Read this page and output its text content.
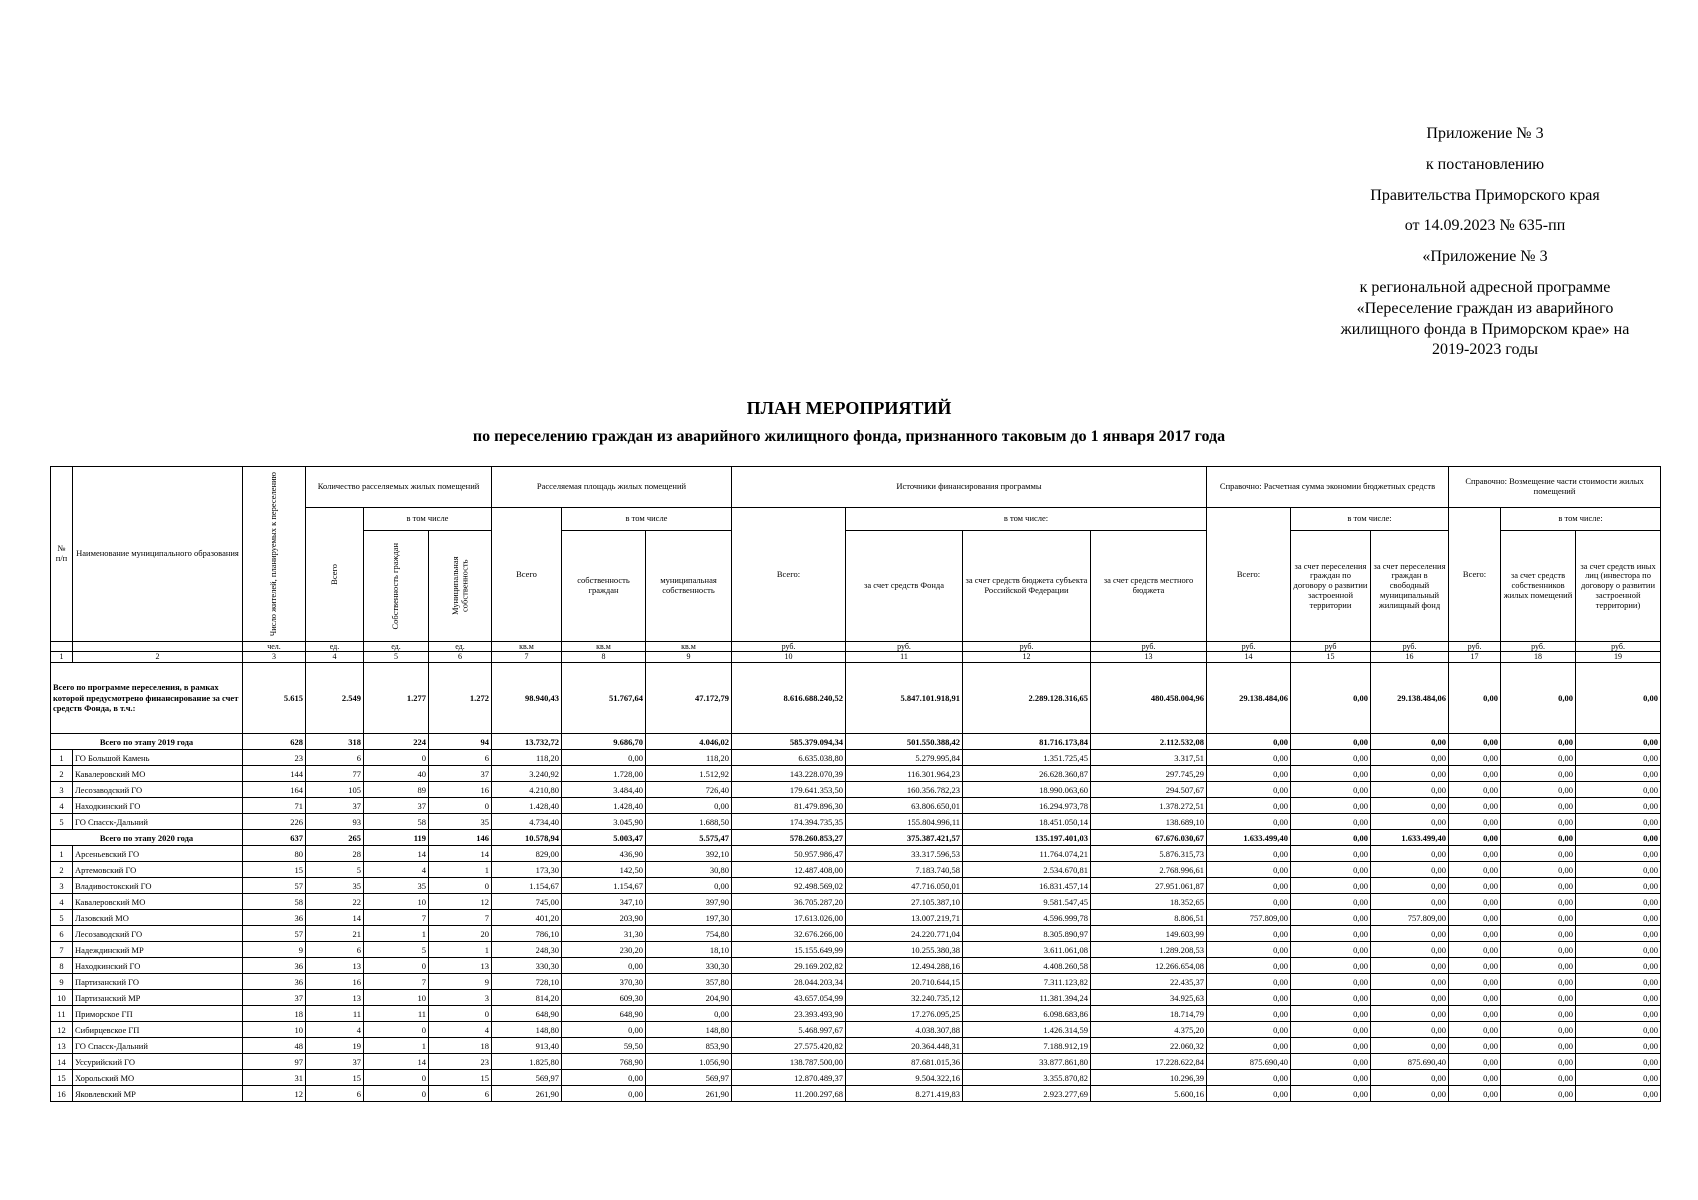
Приложение № 3
к постановлению
Правительства Приморского края
от 14.09.2023 № 635-пп
«Приложение № 3
к региональной адресной программе
«Переселение граждан из аварийного
жилищного фонда в Приморском крае» на
2019-2023 годы
ПЛАН МЕРОПРИЯТИЙ
по переселению граждан из аварийного жилищного фонда, признанного таковым до 1 января 2017 года
№ п/п	Наименование муниципального образования	Число жителей, планируемых к переселению	Количество расселяемых жилых помещений			Расселяемая площадь жилых помещений			Источники финансирования программы				Справочно: Расчетная сумма экономии бюджетных средств			Справочно: Возмещение части стоимости жилых помещений		

			Всего	в том числе		Всего	в том числе		Всего:	в том числе:			Всего:	в том числе:		Всего:	в том числе:	

				Собственность граждан	Муниципальная собственность		собственность граждан	муниципальная собственность		за счет средств Фонда	за счет средств бюджета субъекта Российской Федерации	за счет средств местного бюджета		за счет переселения граждан по договору о развитии застроенной территории	за счет переселения граждан в свободный муниципальный жилищный фонд		за счет средств собственников жилых помещений	за счет средств иных лиц (инвестора по договору о развитии застроенной территории)
		чел.	ед.	ед.	ед.	кв.м	кв.м	кв.м	руб.	руб.	руб.	руб.	руб.	руб	руб.	руб.	руб.	руб.
1	2	3	4	5	6	7	8	9	10	11	12	13	14	15	16	17	18	19
Всего по программе переселения, в рамках которой предусмотрено финансирование за счет средств Фонда, в т.ч.:		5.615	2.549	1.277	1.272	98.940,43	51.767,64	47.172,79	8.616.688.240,52	5.847.101.918,91	2.289.128.316,65	480.458.004,96	29.138.484,06	0,00	29.138.484,06	0,00	0,00	0,00
Всего по этапу 2019 года		628	318	224	94	13.732,72	9.686,70	4.046,02	585.379.094,34	501.550.388,42	81.716.173,84	2.112.532,08	0,00	0,00	0,00	0,00	0,00	0,00
1	ГО Большой Камень	23	6	0	6	118,20	0,00	118,20	6.635.038,80	5.279.995,84	1.351.725,45	3.317,51	0,00	0,00	0,00	0,00	0,00	0,00
2	Кавалеровский МО	144	77	40	37	3.240,92	1.728,00	1.512,92	143.228.070,39	116.301.964,23	26.628.360,87	297.745,29	0,00	0,00	0,00	0,00	0,00	0,00
3	Лесозаводский ГО	164	105	89	16	4.210,80	3.484,40	726,40	179.641.353,50	160.356.782,23	18.990.063,60	294.507,67	0,00	0,00	0,00	0,00	0,00	0,00
4	Находкинский ГО	71	37	37	0	1.428,40	1.428,40	0,00	81.479.896,30	63.806.650,01	16.294.973,78	1.378.272,51	0,00	0,00	0,00	0,00	0,00	0,00
5	ГО Спасск-Дальний	226	93	58	35	4.734,40	3.045,90	1.688,50	174.394.735,35	155.804.996,11	18.451.050,14	138.689,10	0,00	0,00	0,00	0,00	0,00	0,00
Всего по этапу 2020 года		637	265	119	146	10.578,94	5.003,47	5.575,47	578.260.853,27	375.387.421,57	135.197.401,03	67.676.030,67	1.633.499,40	0,00	1.633.499,40	0,00	0,00	0,00
1	Арсеньевский ГО	80	28	14	14	829,00	436,90	392,10	50.957.986,47	33.317.596,53	11.764.074,21	5.876.315,73	0,00	0,00	0,00	0,00	0,00	0,00
2	Артемовский ГО	15	5	4	1	173,30	142,50	30,80	12.487.408,00	7.183.740,58	2.534.670,81	2.768.996,61	0,00	0,00	0,00	0,00	0,00	0,00
3	Владивостокский ГО	57	35	35	0	1.154,67	1.154,67	0,00	92.498.569,02	47.716.050,01	16.831.457,14	27.951.061,87	0,00	0,00	0,00	0,00	0,00	0,00
4	Кавалеровский МО	58	22	10	12	745,00	347,10	397,90	36.705.287,20	27.105.387,10	9.581.547,45	18.352,65	0,00	0,00	0,00	0,00	0,00	0,00
5	Лазовский МО	36	14	7	7	401,20	203,90	197,30	17.613.026,00	13.007.219,71	4.596.999,78	8.806,51	757.809,00	0,00	757.809,00	0,00	0,00	0,00
6	Лесозаводский ГО	57	21	1	20	786,10	31,30	754,80	32.676.266,00	24.220.771,04	8.305.890,97	149.603,99	0,00	0,00	0,00	0,00	0,00	0,00
7	Надеждинский МР	9	6	5	1	248,30	230,20	18,10	15.155.649,99	10.255.380,38	3.611.061,08	1.289.208,53	0,00	0,00	0,00	0,00	0,00	0,00
8	Находкинский ГО	36	13	0	13	330,30	0,00	330,30	29.169.202,82	12.494.288,16	4.408.260,58	12.266.654,08	0,00	0,00	0,00	0,00	0,00	0,00
9	Партизанский ГО	36	16	7	9	728,10	370,30	357,80	28.044.203,34	20.710.644,15	7.311.123,82	22.435,37	0,00	0,00	0,00	0,00	0,00	0,00
10	Партизанский МР	37	13	10	3	814,20	609,30	204,90	43.657.054,99	32.240.735,12	11.381.394,24	34.925,63	0,00	0,00	0,00	0,00	0,00	0,00
11	Приморское ГП	18	11	11	0	648,90	648,90	0,00	23.393.493,90	17.276.095,25	6.098.683,86	18.714,79	0,00	0,00	0,00	0,00	0,00	0,00
12	Сибирцевское ГП	10	4	0	4	148,80	0,00	148,80	5.468.997,67	4.038.307,88	1.426.314,59	4.375,20	0,00	0,00	0,00	0,00	0,00	0,00
13	ГО Спасск-Дальний	48	19	1	18	913,40	59,50	853,90	27.575.420,82	20.364.448,31	7.188.912,19	22.060,32	0,00	0,00	0,00	0,00	0,00	0,00
14	Уссурийский ГО	97	37	14	23	1.825,80	768,90	1.056,90	138.787.500,00	87.681.015,36	33.877.861,80	17.228.622,84	875.690,40	0,00	875.690,40	0,00	0,00	0,00
15	Хорольский МО	31	15	0	15	569,97	0,00	569,97	12.870.489,37	9.504.322,16	3.355.870,82	10.296,39	0,00	0,00	0,00	0,00	0,00	0,00
16	Яковлевский МР	12	6	0	6	261,90	0,00	261,90	11.200.297,68	8.271.419,83	2.923.277,69	5.600,16	0,00	0,00	0,00	0,00	0,00	0,00
